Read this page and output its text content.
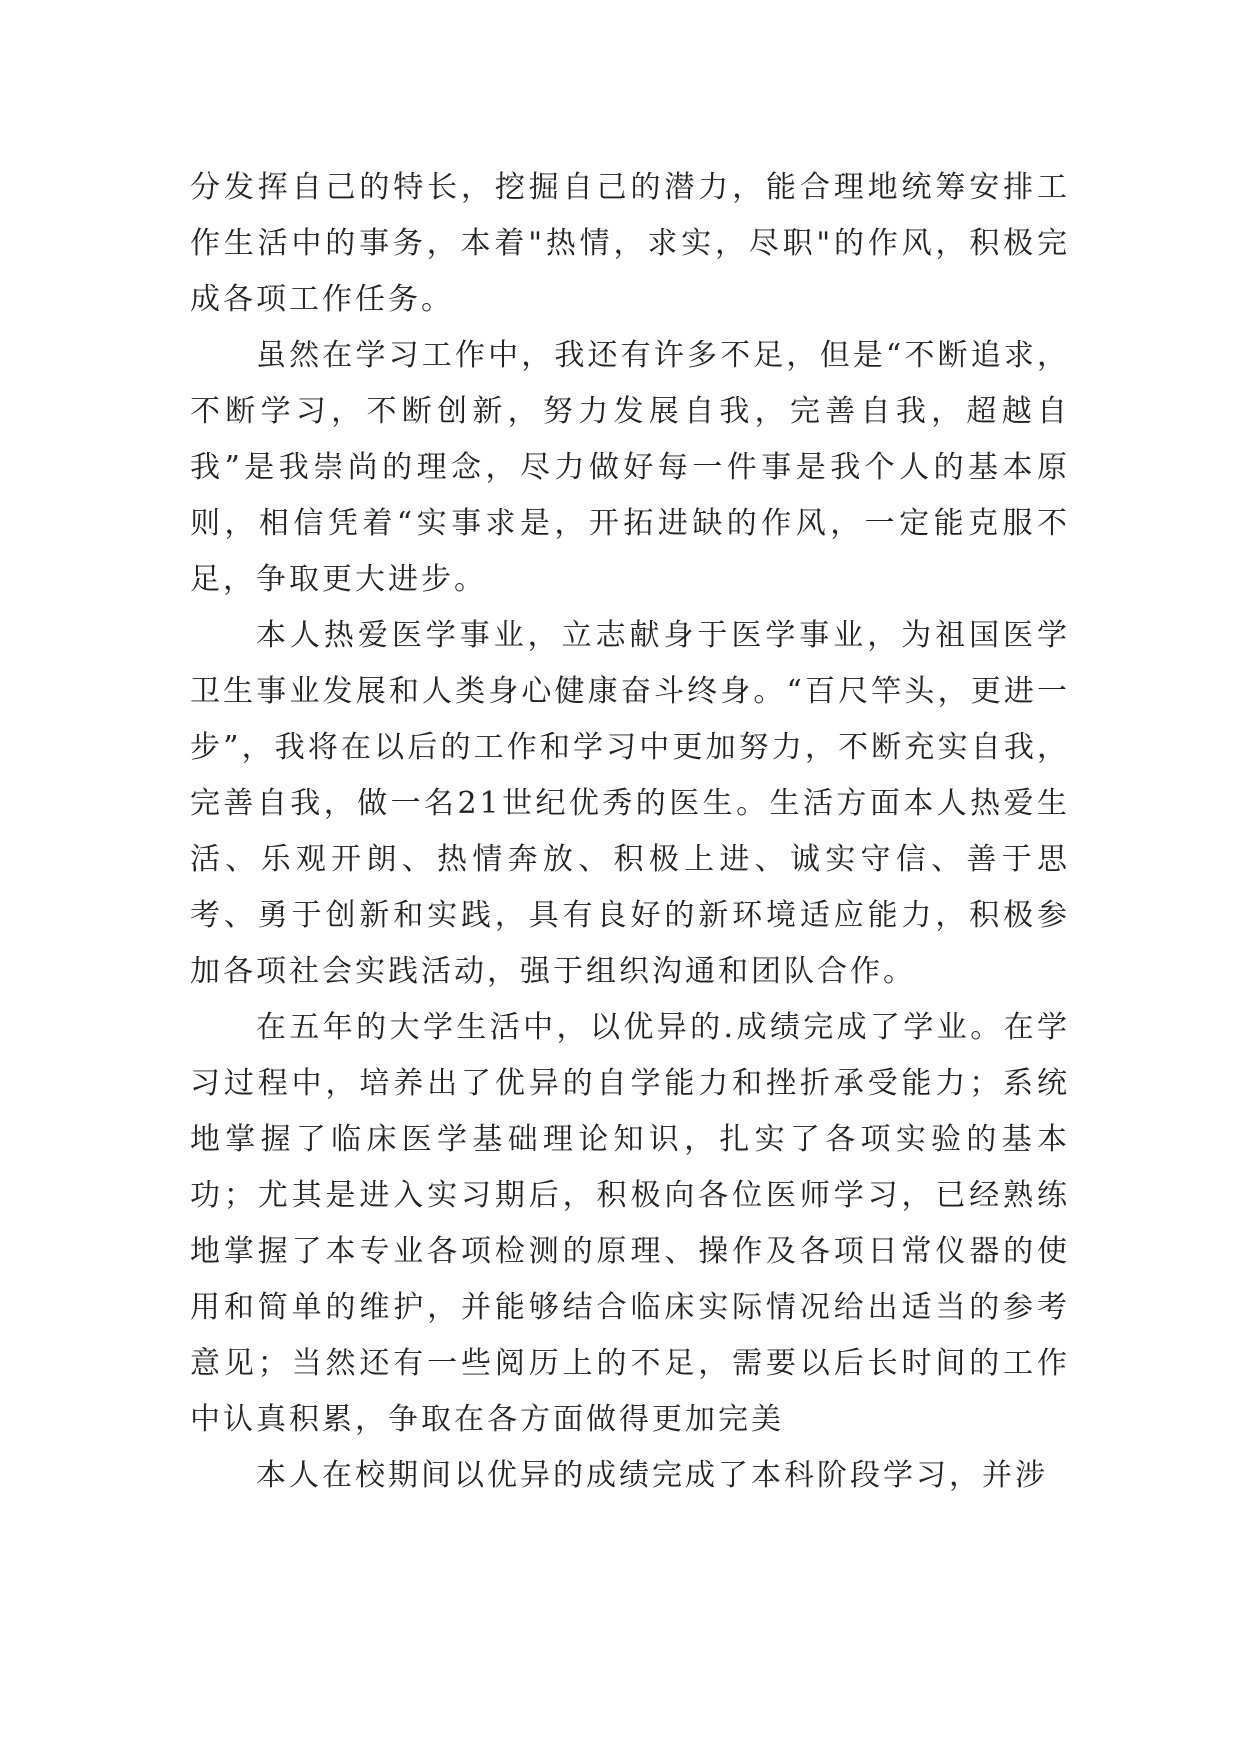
分发挥自己的特长，挖掘自己的潜力，能合理地统筹安排工作生活中的事务，本着"热情，求实，尽职"的作风，积极完成各项工作任务。

虽然在学习工作中，我还有许多不足，但是“不断追求，不断学习，不断创新，努力发展自我，完善自我，超越自我”是我崇尚的理念，尽力做好每一件事是我个人的基本原则，相信凭着“实事求是，开拓进缺的作风，一定能克服不足，争取更大进步。

本人热爱医学事业，立志献身于医学事业，为祖国医学卫生事业发展和人类身心健康奋斗终身。“百尺竿头，更进一步”，我将在以后的工作和学习中更加努力，不断充实自我，完善自我，做一名21世纪优秀的医生。生活方面本人热爱生活、乐观开朗、热情奔放、积极上进、诚实守信、善于思考、勇于创新和实践，具有良好的新环境适应能力，积极参加各项社会实践活动，强于组织沟通和团队合作。

在五年的大学生活中，以优异的.成绩完成了学业。在学习过程中，培养出了优异的自学能力和挫折承受能力；系统地掌握了临床医学基础理论知识，扎实了各项实验的基本功；尤其是进入实习期后，积极向各位医师学习，已经熟练地掌握了本专业各项检测的原理、操作及各项日常仪器的使用和简单的维护，并能够结合临床实际情况给出适当的参考意见；当然还有一些阅历上的不足，需要以后长时间的工作中认真积累，争取在各方面做得更加完美

本人在校期间以优异的成绩完成了本科阶段学习，并涉
